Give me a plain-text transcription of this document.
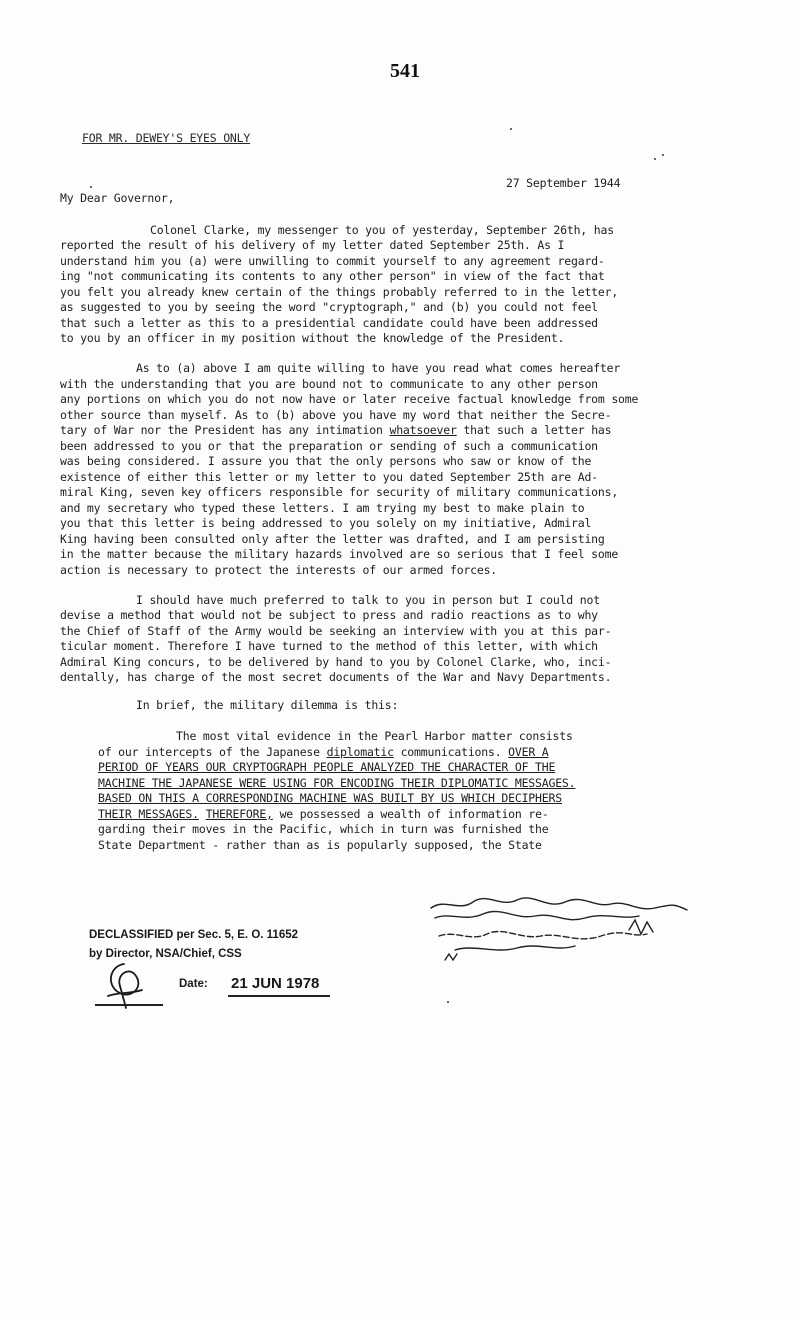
541
FOR MR. DEWEY'S EYES ONLY
27 September 1944
My Dear Governor,
Colonel Clarke, my messenger to you of yesterday, September 26th, has
reported the result of his delivery of my letter dated September 25th. As I
understand him you (a) were unwilling to commit yourself to any agreement regard-
ing "not communicating its contents to any other person" in view of the fact that
you felt you already knew certain of the things probably referred to in the letter,
as suggested to you by seeing the word "cryptograph," and (b) you could not feel
that such a letter as this to a presidential candidate could have been addressed
to you by an officer in my position without the knowledge of the President.
As to (a) above I am quite willing to have you read what comes hereafter
with the understanding that you are bound not to communicate to any other person
any portions on which you do not now have or later receive factual knowledge from some
other source than myself. As to (b) above you have my word that neither the Secre-
tary of War nor the President has any intimation whatsoever that such a letter has
been addressed to you or that the preparation or sending of such a communication
was being considered. I assure you that the only persons who saw or know of the
existence of either this letter or my letter to you dated September 25th are Ad-
miral King, seven key officers responsible for security of military communications,
and my secretary who typed these letters. I am trying my best to make plain to
you that this letter is being addressed to you solely on my initiative, Admiral
King having been consulted only after the letter was drafted, and I am persisting
in the matter because the military hazards involved are so serious that I feel some
action is necessary to protect the interests of our armed forces.
I should have much preferred to talk to you in person but I could not
devise a method that would not be subject to press and radio reactions as to why
the Chief of Staff of the Army would be seeking an interview with you at this par-
ticular moment. Therefore I have turned to the method of this letter, with which
Admiral King concurs, to be delivered by hand to you by Colonel Clarke, who, inci-
dentally, has charge of the most secret documents of the War and Navy Departments.
In brief, the military dilemma is this:
The most vital evidence in the Pearl Harbor matter consists
of our intercepts of the Japanese diplomatic communications. OVER A
PERIOD OF YEARS OUR CRYPTOGRAPH PEOPLE ANALYZED THE CHARACTER OF THE
MACHINE THE JAPANESE WERE USING FOR ENCODING THEIR DIPLOMATIC MESSAGES.
BASED ON THIS A CORRESPONDING MACHINE WAS BUILT BY US WHICH DECIPHERS
THEIR MESSAGES. THEREFORE, we possessed a wealth of information re-
garding their moves in the Pacific, which in turn was furnished the
State Department - rather than as is popularly supposed, the State
DECLASSIFIED per Sec. 5, E. O. 11652
by Director, NSA/Chief, CSS
Date: 21 JUN 1978
